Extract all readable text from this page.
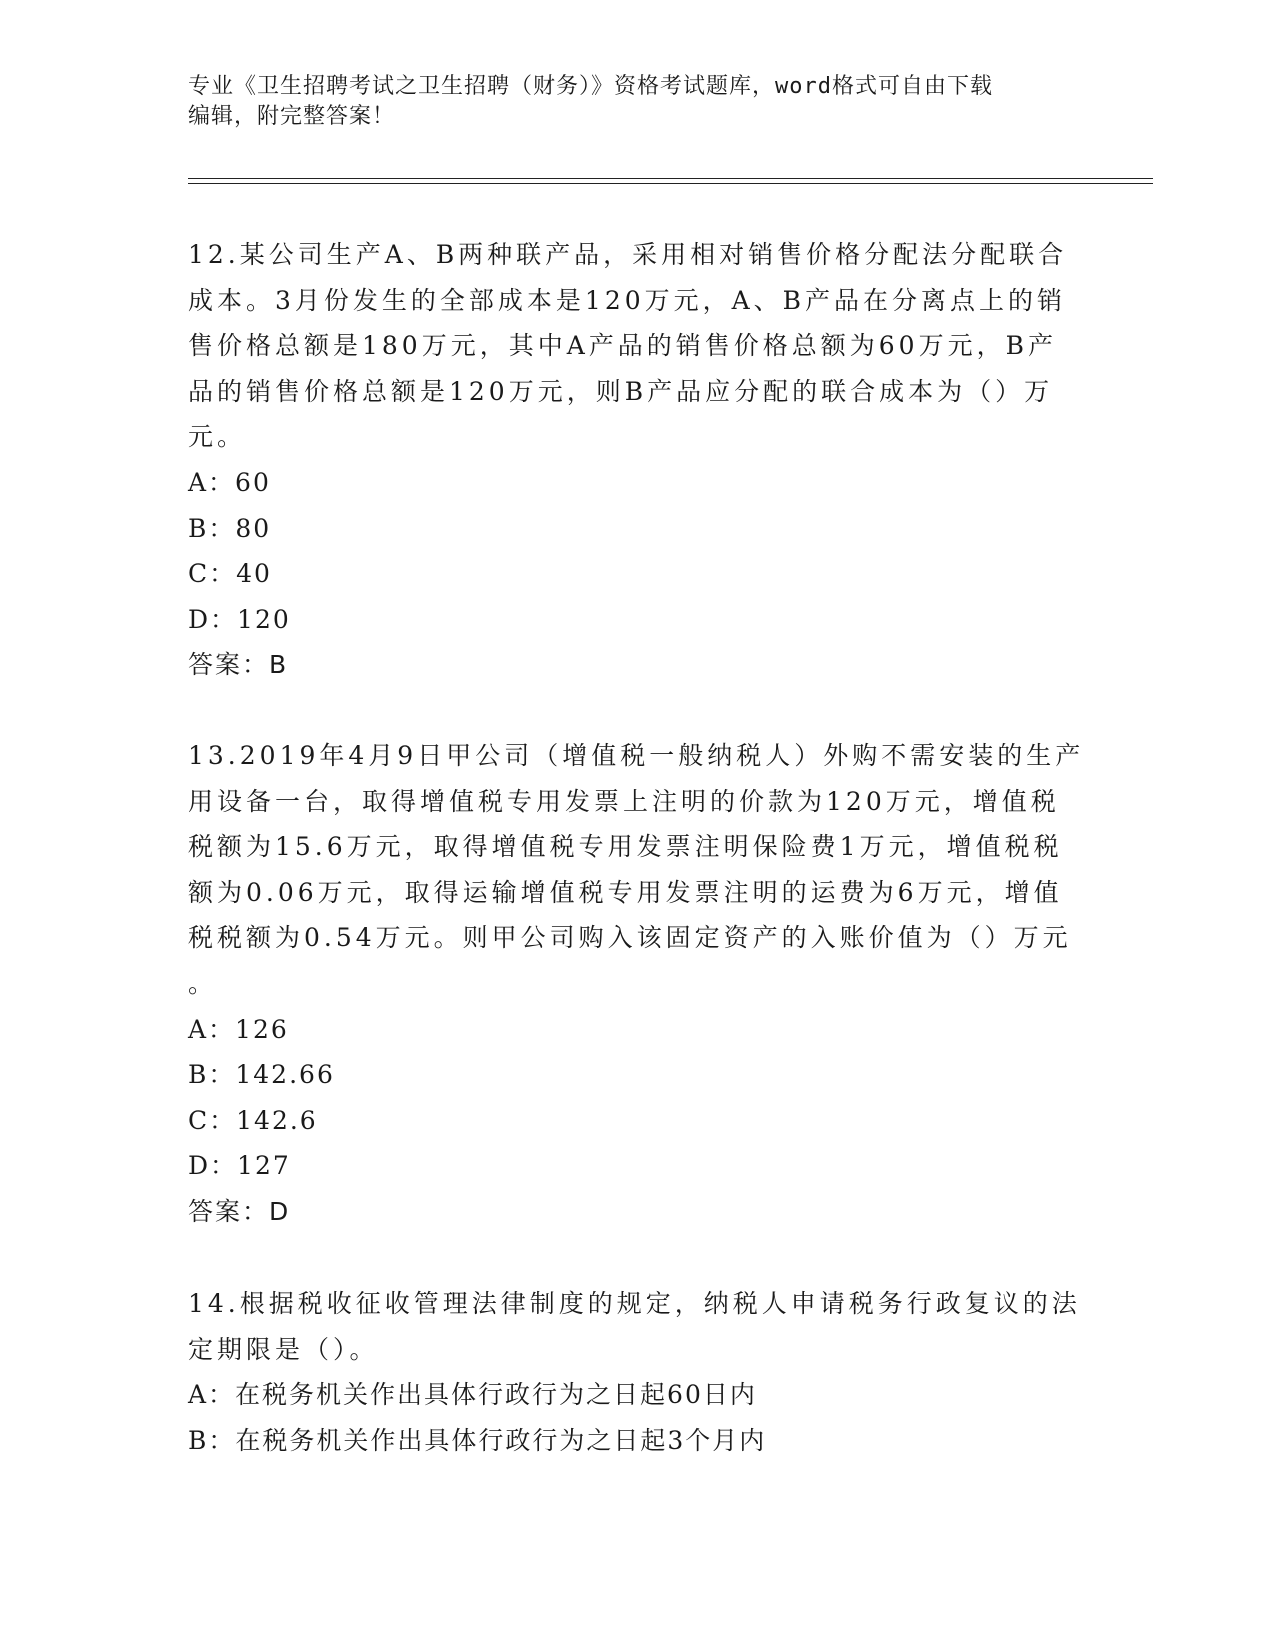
专业《卫生招聘考试之卫生招聘（财务）》资格考试题库，word格式可自由下载
编辑，附完整答案！
12.某公司生产A、B两种联产品，采用相对销售价格分配法分配联合
成本。3月份发生的全部成本是120万元，A、B产品在分离点上的销
售价格总额是180万元，其中A产品的销售价格总额为60万元，B产
品的销售价格总额是120万元，则B产品应分配的联合成本为（）万
元。
A：60
B：80
C：40
D：120
答案：B
13.2019年4月9日甲公司（增值税一般纳税人）外购不需安装的生产
用设备一台，取得增值税专用发票上注明的价款为120万元，增值税
税额为15.6万元，取得增值税专用发票注明保险费1万元，增值税税
额为0.06万元，取得运输增值税专用发票注明的运费为6万元，增值
税税额为0.54万元。则甲公司购入该固定资产的入账价值为（）万元
。
A：126
B：142.66
C：142.6
D：127
答案：D
14.根据税收征收管理法律制度的规定，纳税人申请税务行政复议的法
定期限是（）。
A：在税务机关作出具体行政行为之日起60日内
B：在税务机关作出具体行政行为之日起3个月内
